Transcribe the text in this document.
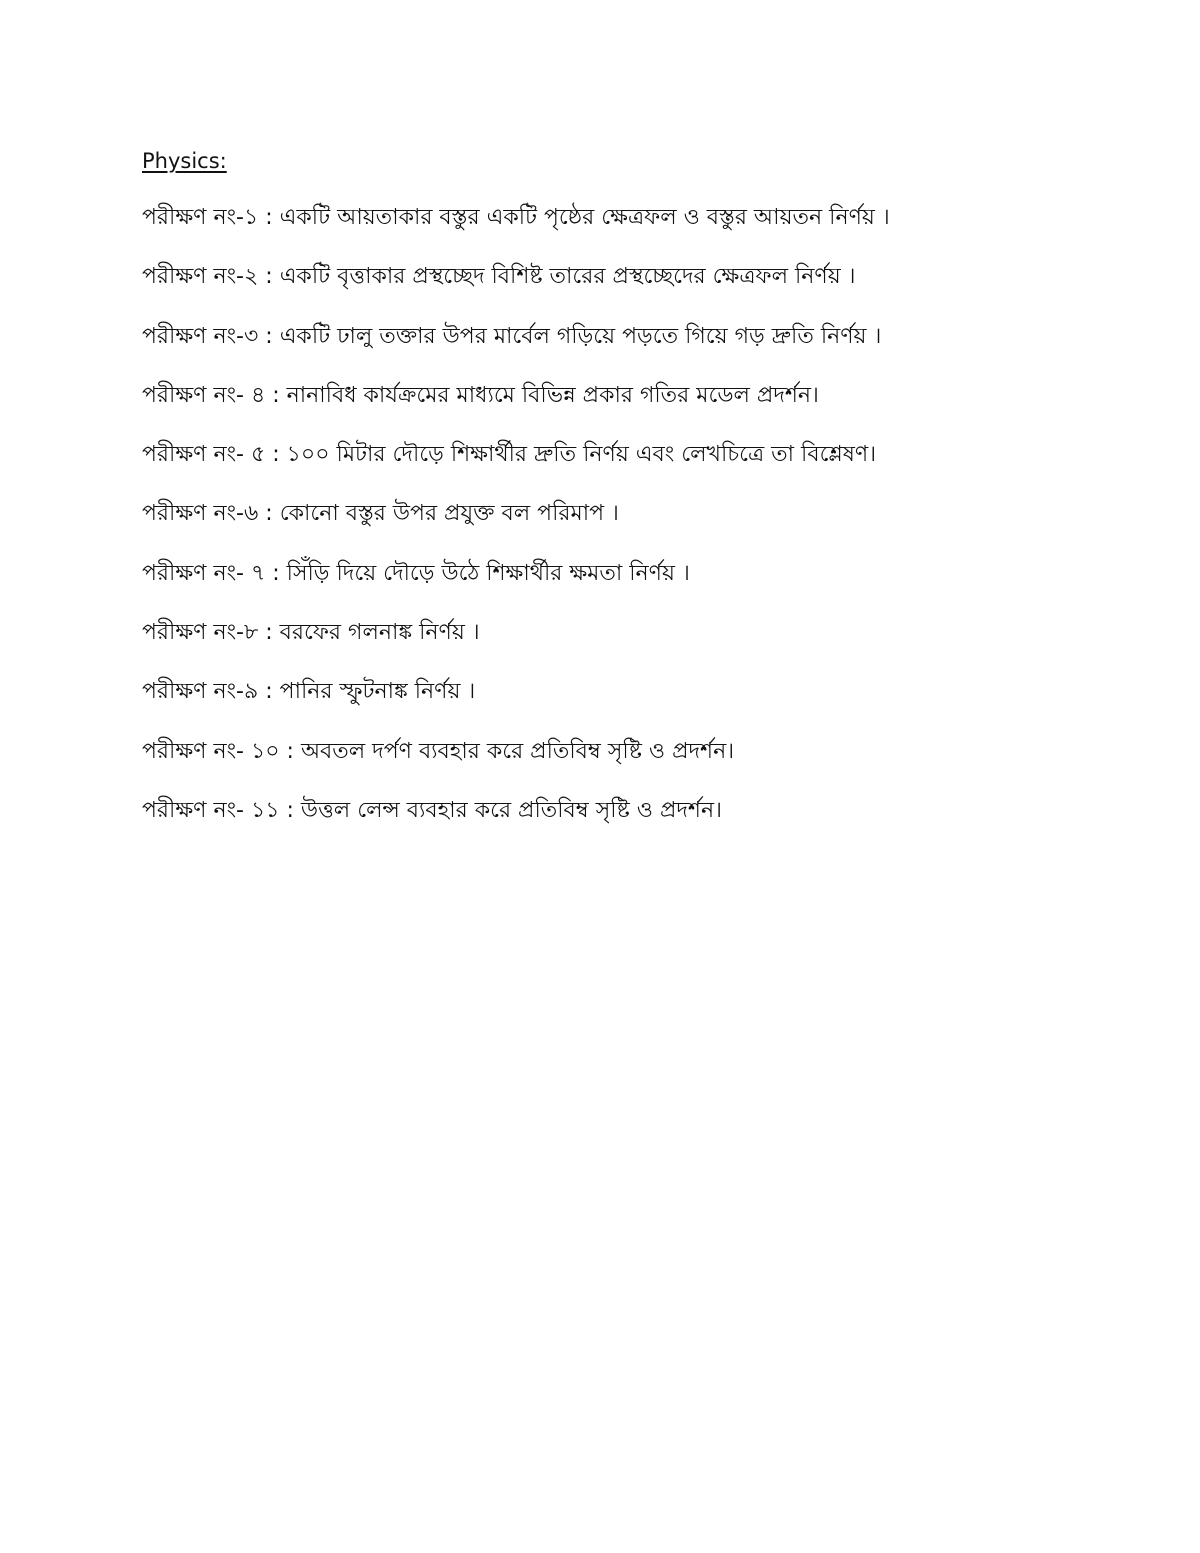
Physics:
পরীক্ষণ নং-১ : একটি আয়তাকার বস্তুর একটি পৃষ্ঠের ক্ষেত্রফল ও বস্তুর আয়তন নির্ণয় ।
পরীক্ষণ নং-২ : একটি বৃত্তাকার প্রস্থচ্ছেদ বিশিষ্ট তারের প্রস্থচ্ছেদের ক্ষেত্রফল নির্ণয় ।
পরীক্ষণ নং-৩ : একটি ঢালু তক্তার উপর মার্বেল গড়িয়ে পড়তে গিয়ে গড় দ্রুতি নির্ণয় ।
পরীক্ষণ নং- ৪ : নানাবিধ কার্যক্রমের মাধ্যমে বিভিন্ন প্রকার গতির মডেল প্রদর্শন।
পরীক্ষণ নং- ৫ : ১০০ মিটার দৌড়ে শিক্ষার্থীর দ্রুতি নির্ণয় এবং লেখচিত্রে তা বিশ্লেষণ।
পরীক্ষণ নং-৬ : কোনো বস্তুর উপর প্রযুক্ত বল পরিমাপ ।
পরীক্ষণ নং- ৭ : সিঁড়ি দিয়ে দৌড়ে উঠে শিক্ষার্থীর ক্ষমতা নির্ণয় ।
পরীক্ষণ নং-৮ : বরফের গলনাঙ্ক নির্ণয় ।
পরীক্ষণ নং-৯ : পানির স্ফুটনাঙ্ক নির্ণয় ।
পরীক্ষণ নং- ১০ : অবতল দর্পণ ব্যবহার করে প্রতিবিম্ব সৃষ্টি ও প্রদর্শন।
পরীক্ষণ নং- ১১ : উত্তল লেন্স ব্যবহার করে প্রতিবিম্ব সৃষ্টি ও প্রদর্শন।
